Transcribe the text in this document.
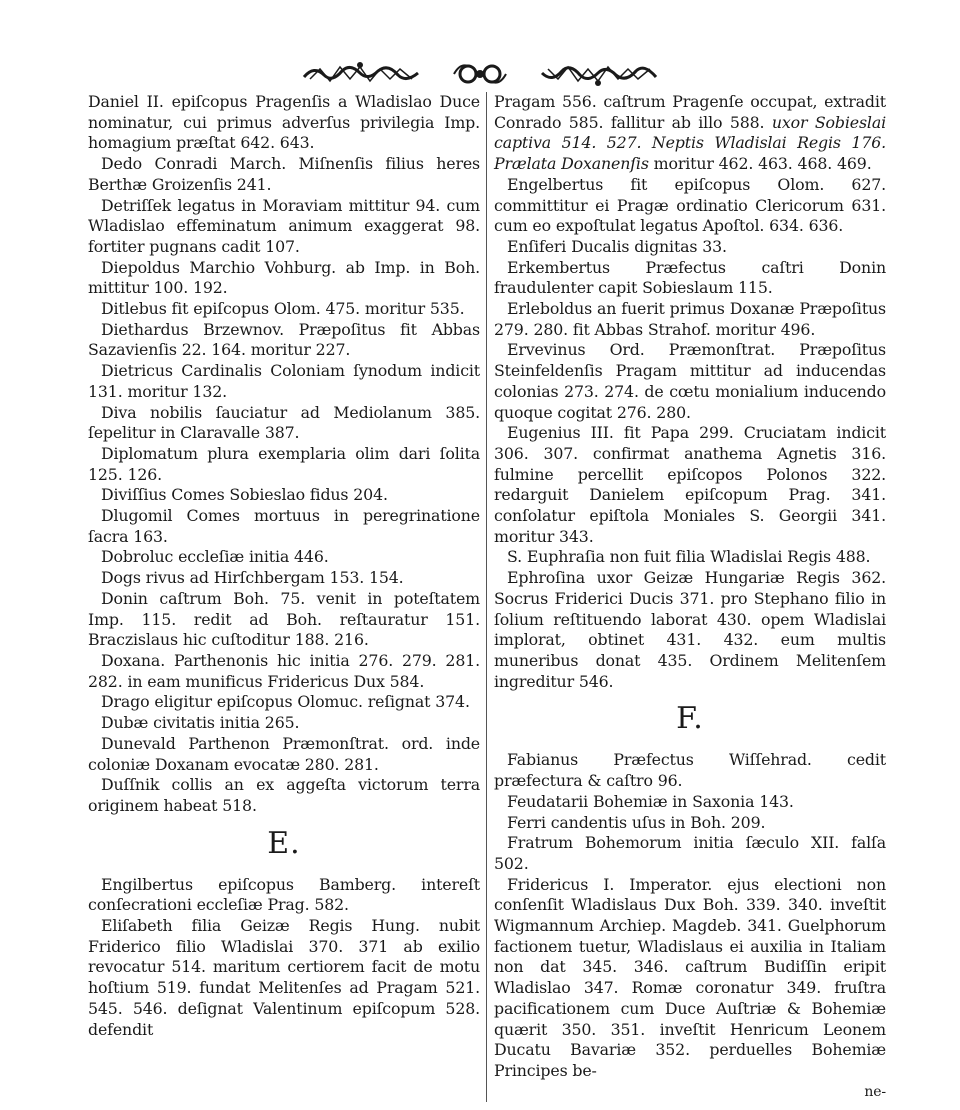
Daniel II. epiſcopus Pragenſis a Wladislao Duce nominatur, cui primus adverſus privilegia Imp. homagium præſtat 642. 643.

Dedo Conradi March. Miſnenſis filius heres Berthæ Groizenſis 241.

Detriſſek legatus in Moraviam mittitur 94. cum Wladislao effeminatum animum exaggerat 98. fortiter pugnans cadit 107.

Diepoldus Marchio Vohburg. ab Imp. in Boh. mittitur 100. 192.

Ditlebus fit epiſcopus Olom. 475. moritur 535.

Diethardus Brzewnov. Præpoſitus fit Abbas Sazavienſis 22. 164. moritur 227.

Dietricus Cardinalis Coloniam ſynodum indicit 131. moritur 132.

Diva nobilis ſauciatur ad Mediolanum 385. ſepelitur in Claravalle 387.

Diplomatum plura exemplaria olim dari ſolita 125. 126.

Diviſſius Comes Sobieslao fidus 204.

Dlugomil Comes mortuus in peregrinatione ſacra 163.

Dobroluc eccleſiæ initia 446.

Dogs rivus ad Hirſchbergam 153. 154.

Donin caſtrum Boh. 75. venit in poteſtatem Imp. 115. redit ad Boh. reſtauratur 151. Braczislaus hic cuſtoditur 188. 216.

Doxana. Parthenonis hic initia 276. 279. 281. 282. in eam munificus Fridericus Dux 584.

Drago eligitur epiſcopus Olomuc. reſignat 374.

Dubæ civitatis initia 265.

Dunevald Parthenon Præmonſtrat. ord. inde coloniæ Doxanam evocatæ 280. 281.

Duſſnik collis an ex aggeſta victorum terra originem habeat 518.

E.

Engilbertus epiſcopus Bamberg. intereſt conſecrationi eccleſiæ Prag. 582.

Eliſabeth filia Geizæ Regis Hung. nubit Friderico filio Wladislai 370. 371 ab exilio revocatur 514. maritum certiorem facit de motu hoſtium 519. fundat Melitenſes ad Pragam 521. 545. 546. deſignat Valentinum epiſcopum 528. defendit

Pragam 556. caſtrum Pragenſe occupat, extradit Conrado 585. fallitur ab illo 588. uxor Sobieslai captiva 514. 527. Neptis Wladislai Regis 176. Prælata Doxanenſis moritur 462. 463. 468. 469.

Engelbertus fit epiſcopus Olom. 627. committitur ei Pragæ ordinatio Clericorum 631. cum eo expoſtulat legatus Apoſtol. 634. 636.

Enſiferi Ducalis dignitas 33.

Erkembertus Præfectus caſtri Donin fraudulenter capit Sobieslaum 115.

Erleboldus an fuerit primus Doxanæ Præpoſitus 279. 280. fit Abbas Strahof. moritur 496.

Ervevinus Ord. Præmonſtrat. Præpoſitus Steinfeldenſis Pragam mittitur ad inducendas colonias 273. 274. de cœtu monialium inducendo quoque cogitat 276. 280.

Eugenius III. fit Papa 299. Cruciatam indicit 306. 307. confirmat anathema Agnetis 316. fulmine percellit epiſcopos Polonos 322. redarguit Danielem epiſcopum Prag. 341. conſolatur epiſtola Moniales S. Georgii 341. moritur 343.

S. Euphraſia non fuit filia Wladislai Regis 488.

Ephroſina uxor Geizæ Hungariæ Regis 362. Socrus Friderici Ducis 371. pro Stephano filio in ſolium reſtituendo laborat 430. opem Wladislai implorat, obtinet 431. 432. eum multis muneribus donat 435. Ordinem Melitenſem ingreditur 546.

F.

Fabianus Præfectus Wiſſehrad. cedit præfectura & caſtro 96.

Feudatarii Bohemiæ in Saxonia 143.

Ferri candentis uſus in Boh. 209.

Fratrum Bohemorum initia ſæculo XII. falſa 502.

Fridericus I. Imperator. ejus electioni non conſenſit Wladislaus Dux Boh. 339. 340. inveſtit Wigmannum Archiep. Magdeb. 341. Guelphorum factionem tuetur, Wladislaus ei auxilia in Italiam non dat 345. 346. caſtrum Budiſſin eripit Wladislao 347. Romæ coronatur 349. fruſtra pacificationem cum Duce Auſtriæ & Bohemiæ quærit 350. 351. inveſtit Henricum Leonem Ducatu Bavariæ 352. perduelles Bohemiæ Principes be-

ne-
